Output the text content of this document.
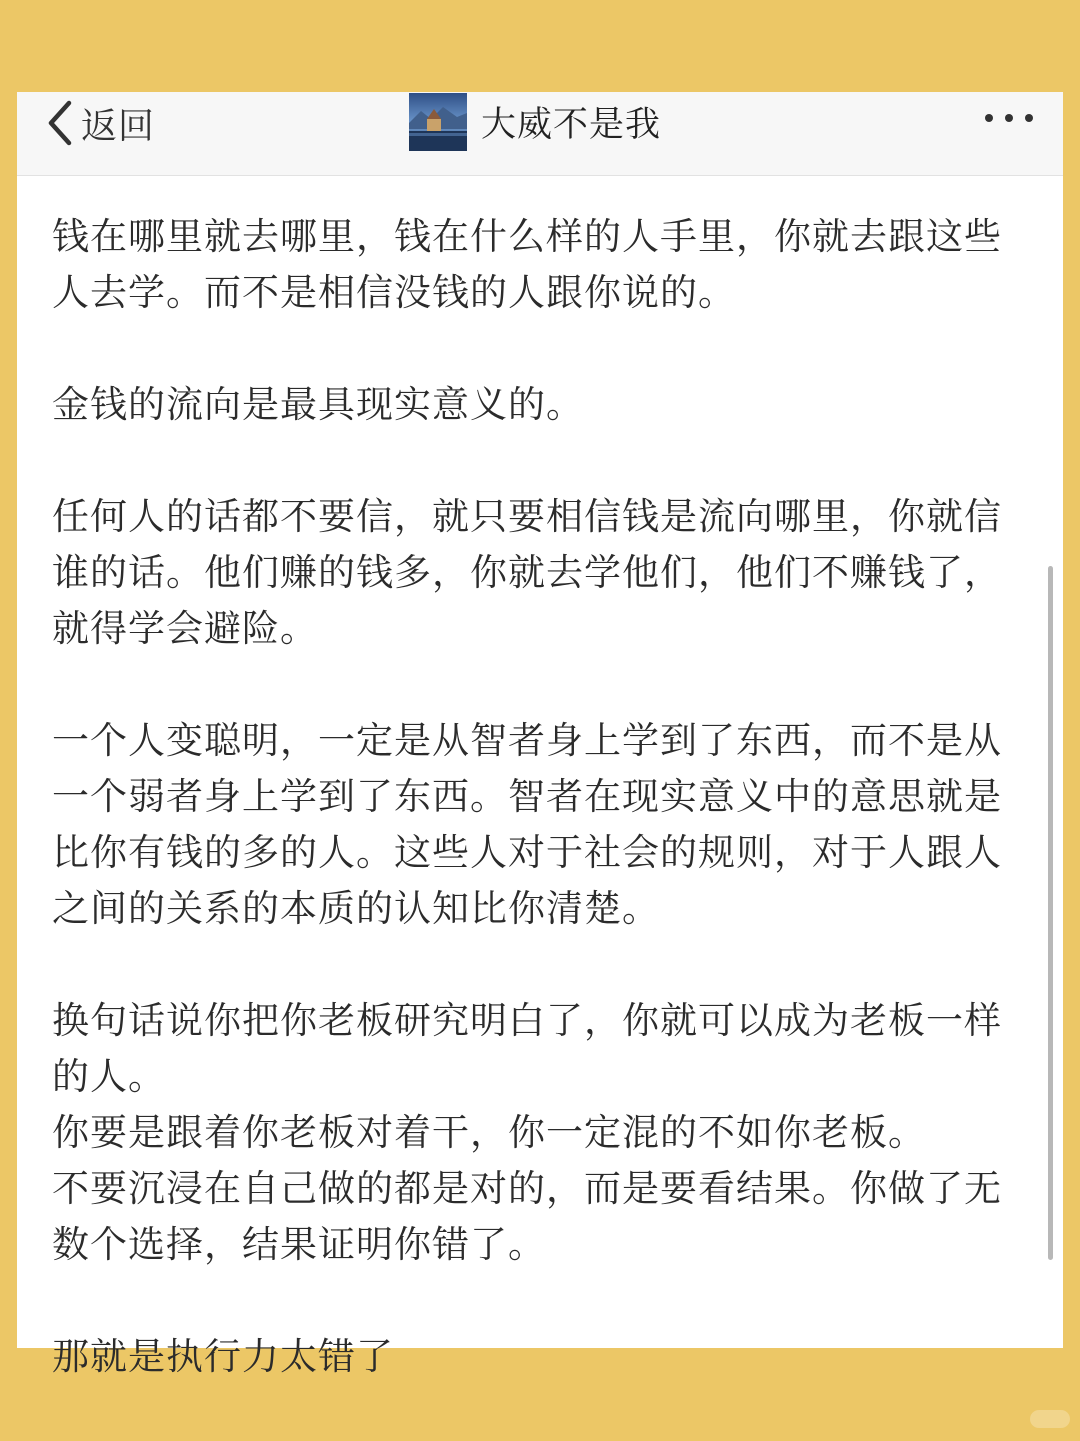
返回	大威不是我

钱在哪里就去哪里，钱在什么样的人手里，你就去跟这些人去学。而不是相信没钱的人跟你说的。

金钱的流向是最具现实意义的。

任何人的话都不要信，就只要相信钱是流向哪里，你就信谁的话。他们赚的钱多，你就去学他们，他们不赚钱了，就得学会避险。

一个人变聪明，一定是从智者身上学到了东西，而不是从一个弱者身上学到了东西。智者在现实意义中的意思就是比你有钱的多的人。这些人对于社会的规则，对于人跟人之间的关系的本质的认知比你清楚。

换句话说你把你老板研究明白了，你就可以成为老板一样的人。

你要是跟着你老板对着干，你一定混的不如你老板。

不要沉浸在自己做的都是对的，而是要看结果。你做了无数个选择，结果证明你错了。

那就是执行力太错了
